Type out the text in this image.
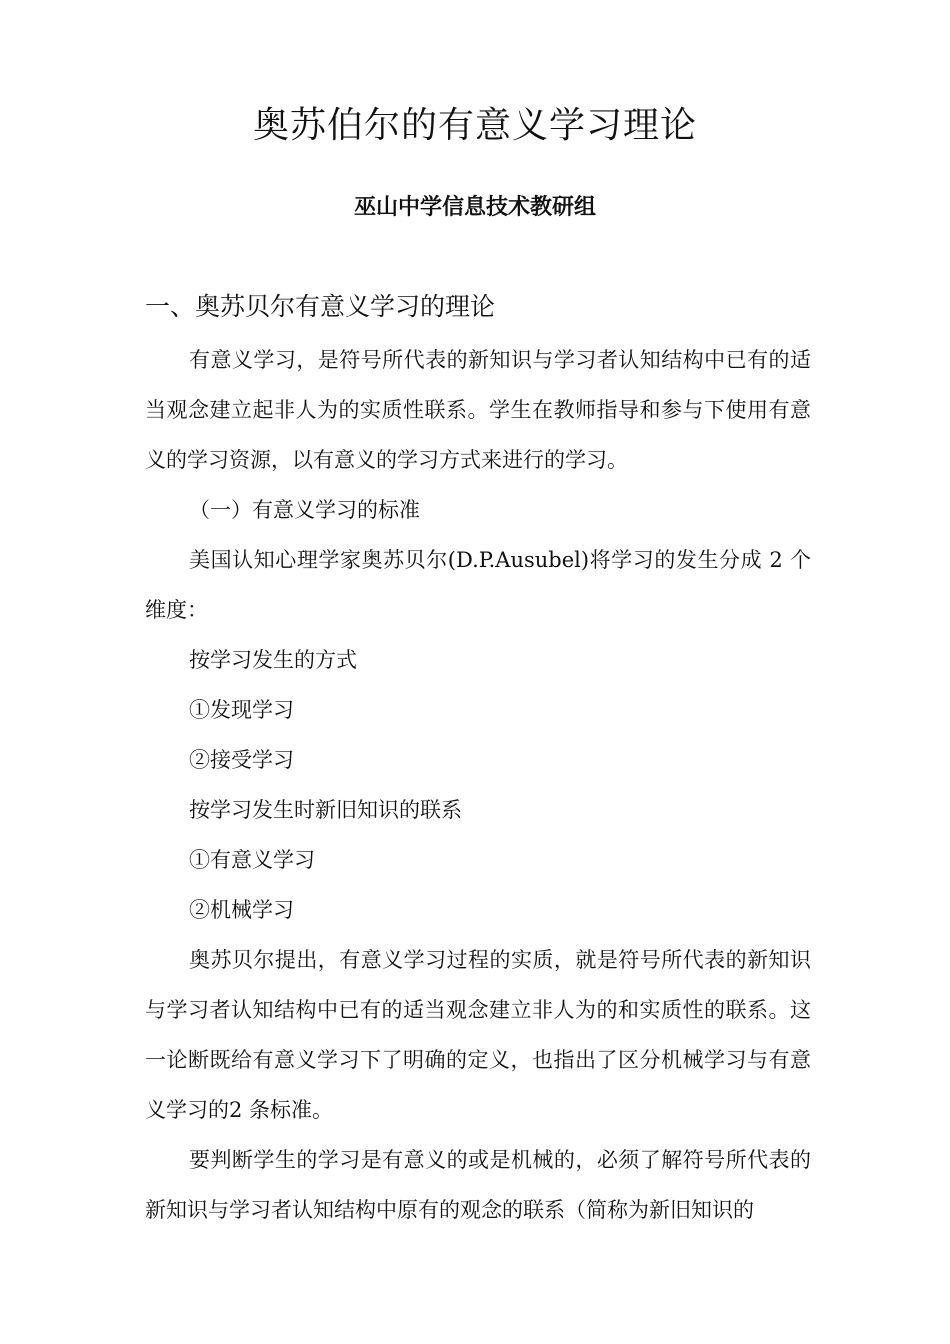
奥苏伯尔的有意义学习理论
巫山中学信息技术教研组
一、奥苏贝尔有意义学习的理论

有意义学习，是符号所代表的新知识与学习者认知结构中已有的适当观念建立起非人为的实质性联系。学生在教师指导和参与下使用有意义的学习资源，以有意义的学习方式来进行的学习。

（一）有意义学习的标准

美国认知心理学家奥苏贝尔(D.P.Ausubel)将学习的发生分成 2 个维度：

按学习发生的方式

①发现学习

②接受学习

按学习发生时新旧知识的联系

①有意义学习

②机械学习

奥苏贝尔提出，有意义学习过程的实质，就是符号所代表的新知识与学习者认知结构中已有的适当观念建立非人为的和实质性的联系。这一论断既给有意义学习下了明确的定义，也指出了区分机械学习与有意义学习的2 条标准。

要判断学生的学习是有意义的或是机械的，必须了解符号所代表的新知识与学习者认知结构中原有的观念的联系（简称为新旧知识的
